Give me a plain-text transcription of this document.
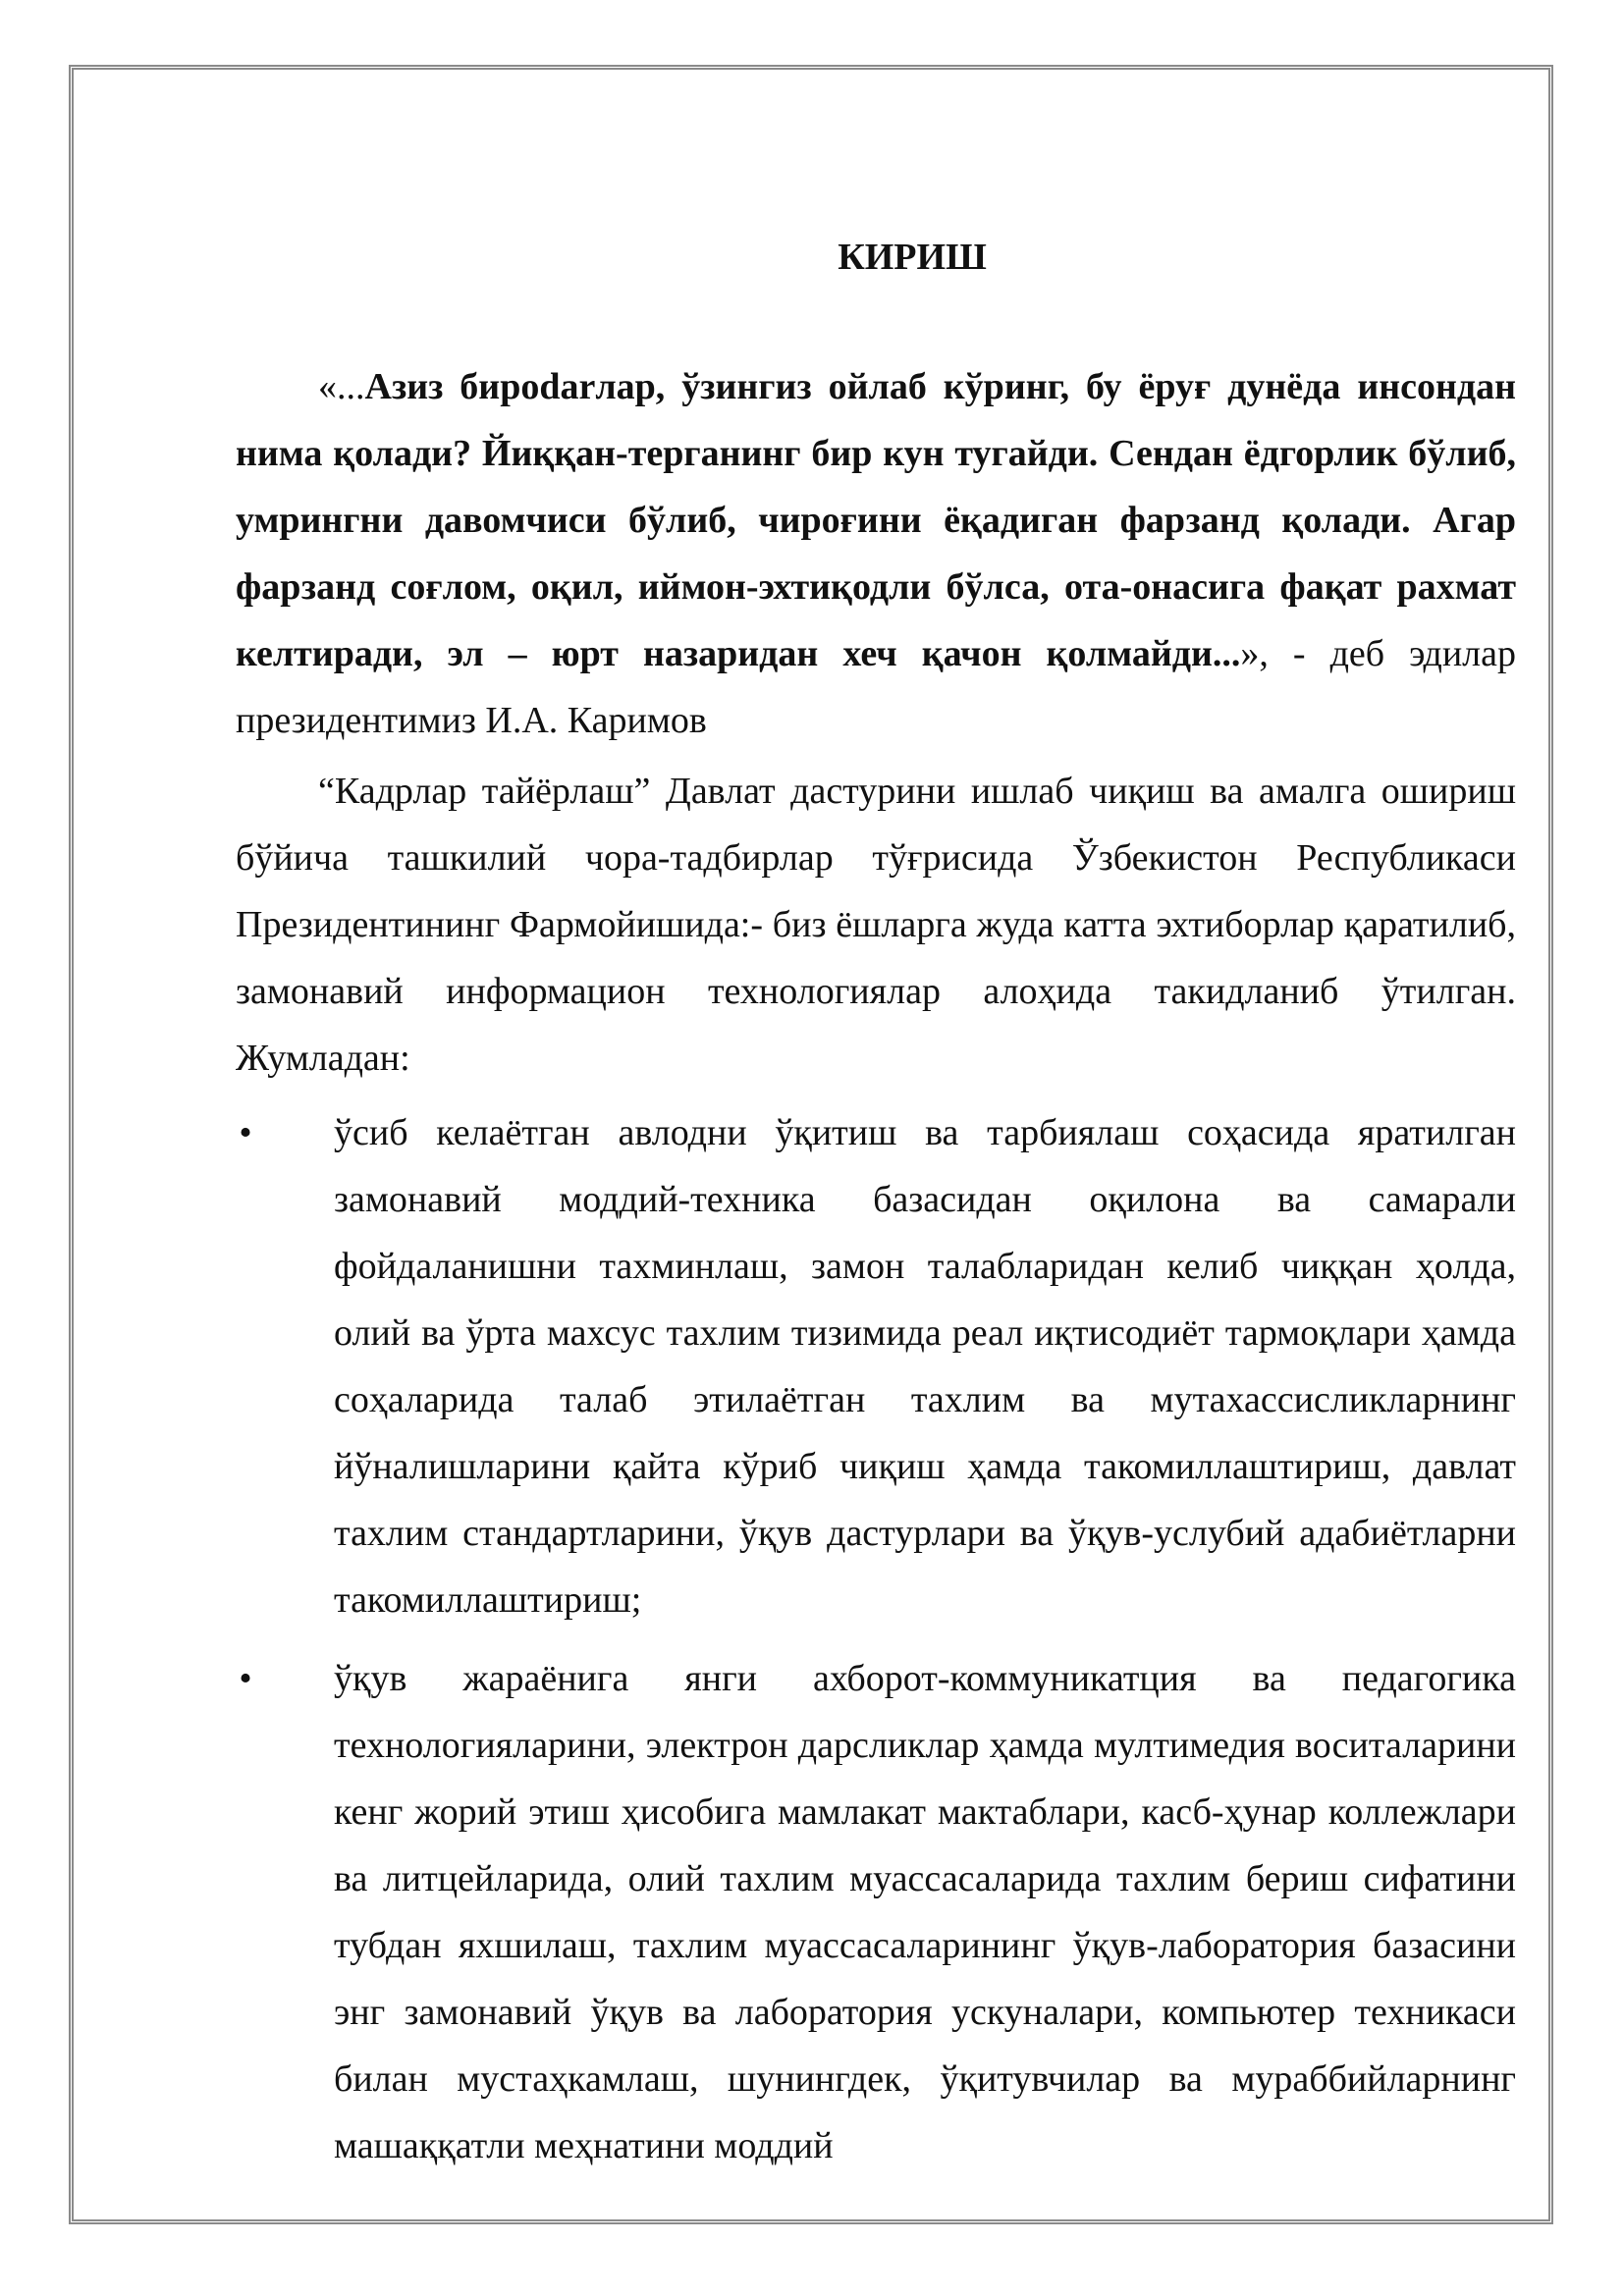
КИРИШ

«...Азиз бироdarлар, ўзингиз ойлаб кўринг, бу ёруғ дунёда инсондан нима қолади? Йиққан-терганинг бир кун тугайди. Сендан ёдгорлик бўлиб, умрингни давомчиси бўлиб, чироғини ёқадиган фарзанд қолади. Агар фарзанд соғлом, оқил, иймон-эхтиқодли бўлса, ота-онасига фақат рахмат келтиради, эл – юрт назаридан хеч қачон қолмайди...», - деб эдилар президентимиз И.А. Каримов

“Кадрлар тайёрлаш” Давлат дастурини ишлаб чиқиш ва амалга ошириш бўйича ташкилий чора-тадбирлар тўғрисида Ўзбекистон Республикаси Президентининг Фармойишида:- биз ёшларга жуда катта эхтиборлар қаратилиб, замонавий информацион технологиялар алоҳида такидланиб ўтилган. Жумладан:

• ўсиб келаётган авлодни ўқитиш ва тарбиялаш соҳасида яратилган замонавий моддий-техника базасидан оқилона ва самарали фойдаланишни тахминлаш, замон талабларидан келиб чиққан ҳолда, олий ва ўрта махсус тахлим тизимида реал иқтисодиёт тармоқлари ҳамда соҳаларида талаб этилаётган тахлим ва мутахассисликларнинг йўналишларини қайта кўриб чиқиш ҳамда такомиллаштириш, давлат тахлим стандартларини, ўқув дастурлари ва ўқув-услубий адабиётларни такомиллаштириш;
• ўқув жараёнига янги ахборот-коммуникатция ва педагогика технологияларини, электрон дарсликлар ҳамда мултимедия воситаларини кенг жорий этиш ҳисобига мамлакат мактаблари, касб-ҳунар коллежлари ва литцейларида, олий тахлим муассасаларида тахлим бериш сифатини тубдан яхшилаш, тахлим муассасаларининг ўқув-лаборатория базасини энг замонавий ўқув ва лаборатория ускуналари, компьютер техникаси билан мустаҳкамлаш, шунингдек, ўқитувчилар ва мураббийларнинг машаққатли меҳнатини моддий
